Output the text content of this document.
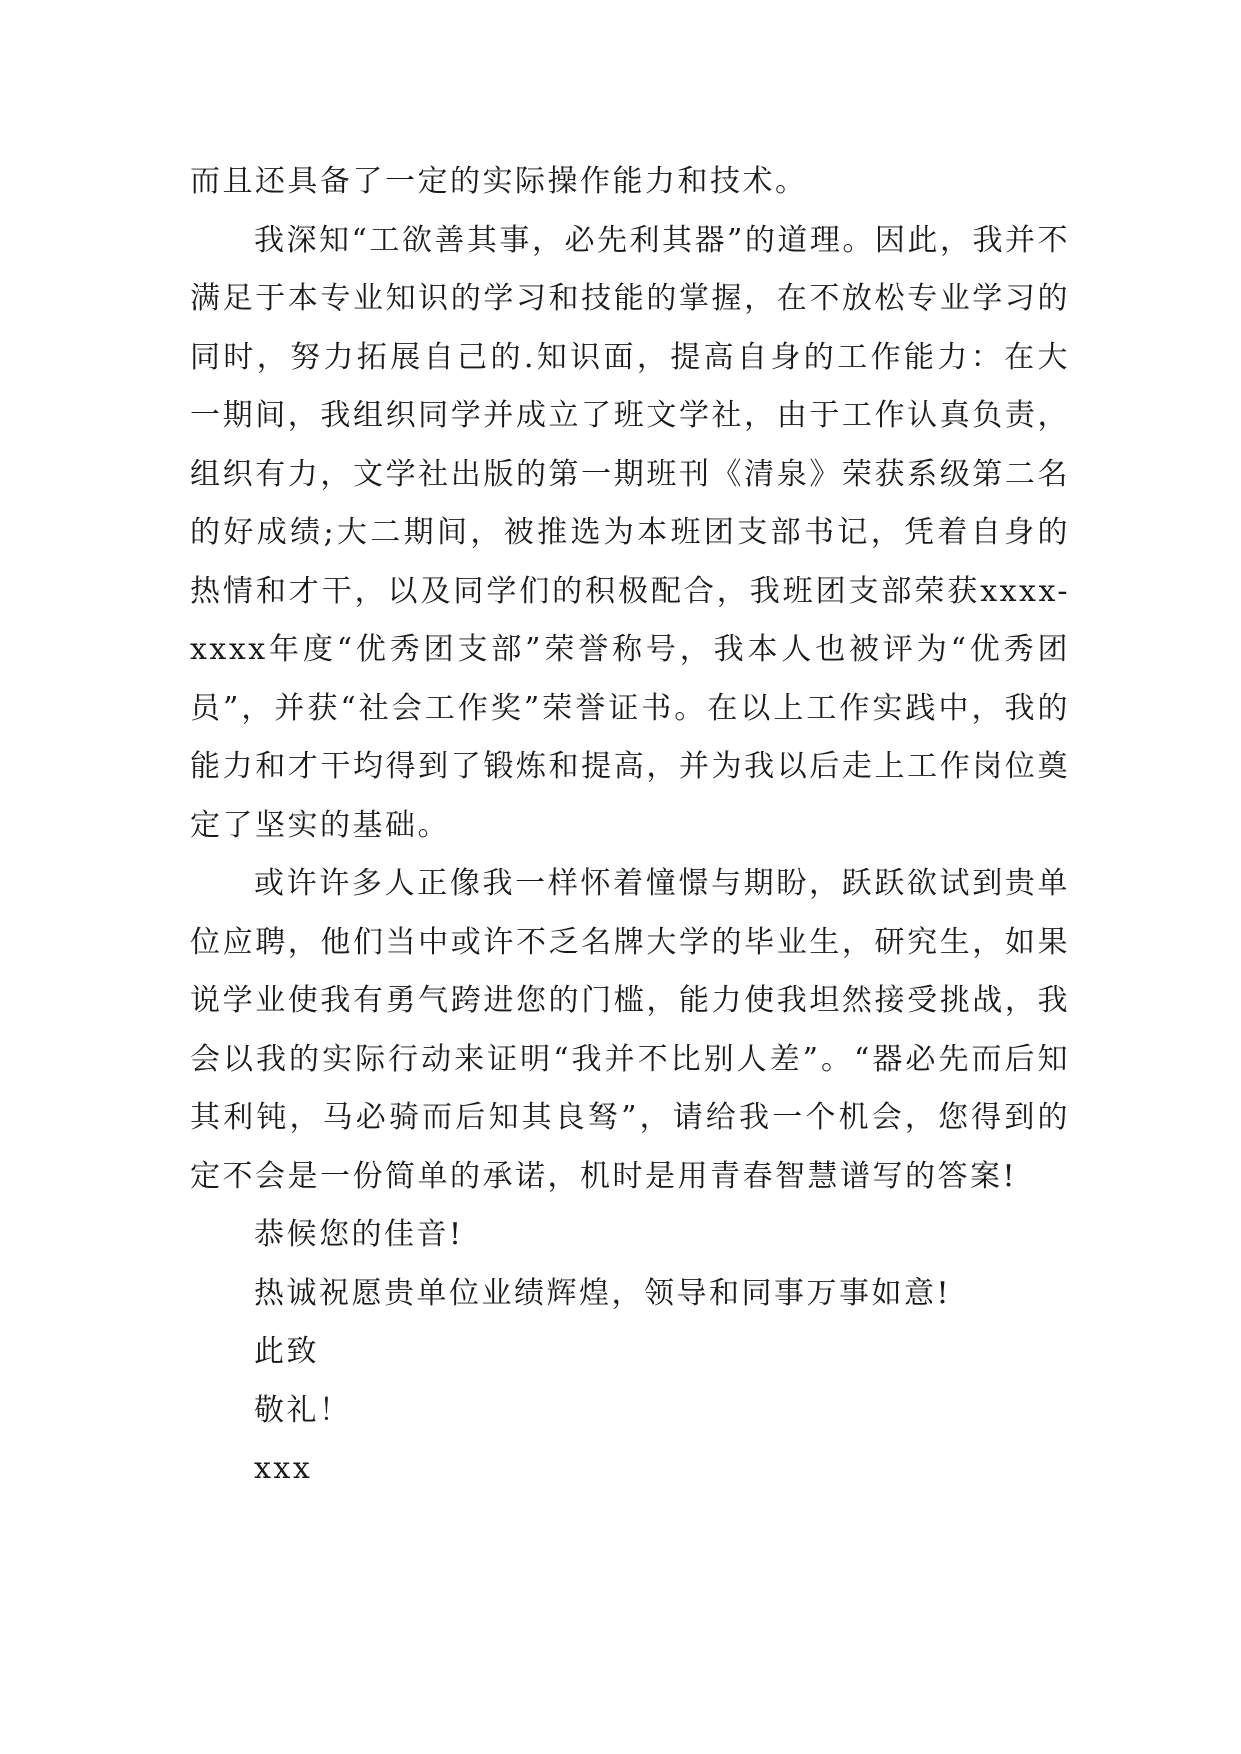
而且还具备了一定的实际操作能力和技术。

我深知“工欲善其事，必先利其器”的道理。因此，我并不满足于本专业知识的学习和技能的掌握，在不放松专业学习的同时，努力拓展自己的.知识面，提高自身的工作能力：在大一期间，我组织同学并成立了班文学社，由于工作认真负责，组织有力，文学社出版的第一期班刊《清泉》荣获系级第二名的好成绩;大二期间，被推选为本班团支部书记，凭着自身的热情和才干，以及同学们的积极配合，我班团支部荣获xxxx-xxxx年度“优秀团支部”荣誉称号，我本人也被评为“优秀团员”，并获“社会工作奖”荣誉证书。在以上工作实践中，我的能力和才干均得到了锻炼和提高，并为我以后走上工作岗位奠定了坚实的基础。

或许许多人正像我一样怀着憧憬与期盼，跃跃欲试到贵单位应聘，他们当中或许不乏名牌大学的毕业生，研究生，如果说学业使我有勇气跨进您的门槛，能力使我坦然接受挑战，我会以我的实际行动来证明“我并不比别人差”。“器必先而后知其利钝，马必骑而后知其良驽”，请给我一个机会，您得到的定不会是一份简单的承诺，机时是用青春智慧谱写的答案!

恭候您的佳音!

热诚祝愿贵单位业绩辉煌，领导和同事万事如意!

此致

敬礼！

xxx
